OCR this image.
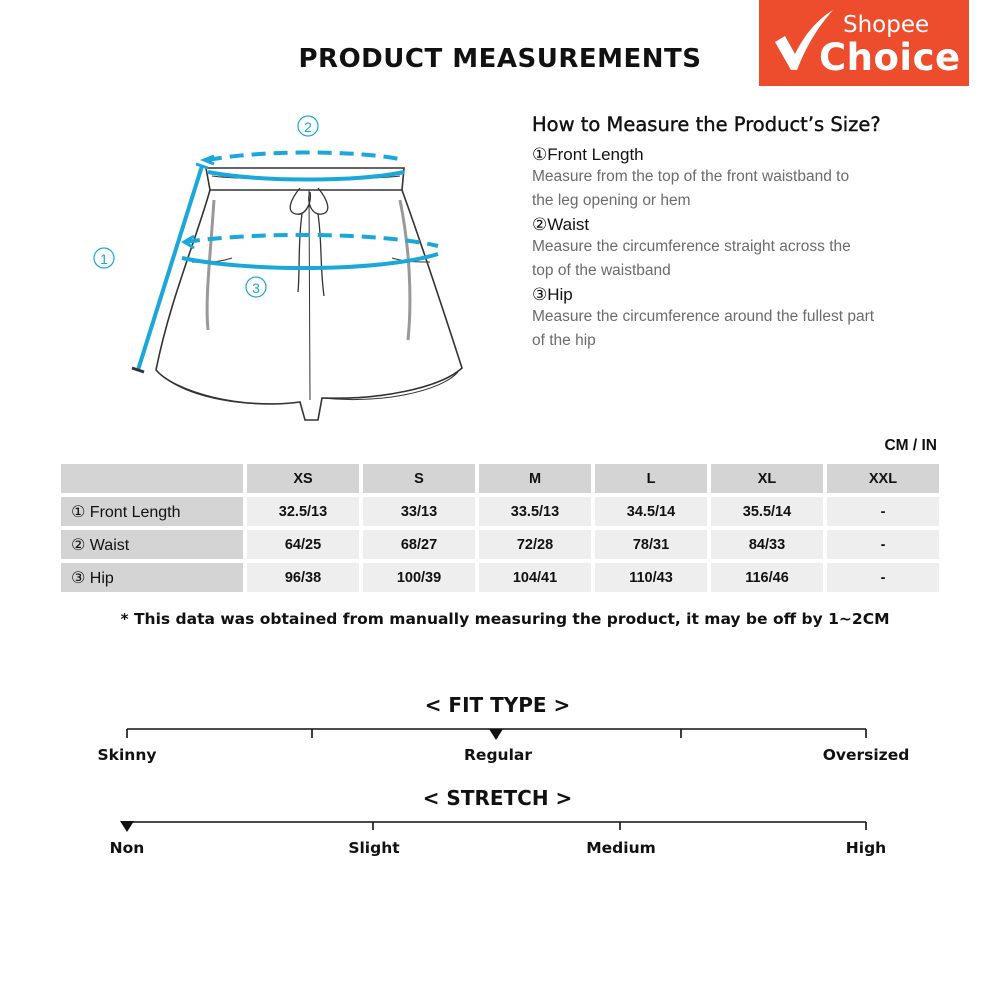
PRODUCT MEASUREMENTS
Shopee
Choice
1
2
3
How to Measure the Product’s Size?
①Front Length
Measure from the top of the front waistband to
the leg opening or hem
②Waist
Measure the circumference straight across the
top of the waistband
③Hip
Measure the circumference around the fullest part
of the hip
CM / IN
	XS	S	M	L	XL	XXL
① Front Length	32.5/13	33/13	33.5/13	34.5/14	35.5/14	-
② Waist	64/25	68/27	72/28	78/31	84/33	-
③ Hip	96/38	100/39	104/41	110/43	116/46	-
* This data was obtained from manually measuring the product, it may be off by 1~2CM
< FIT TYPE >
Skinny	Regular	Oversized
< STRETCH >
Non	Slight	Medium	High
